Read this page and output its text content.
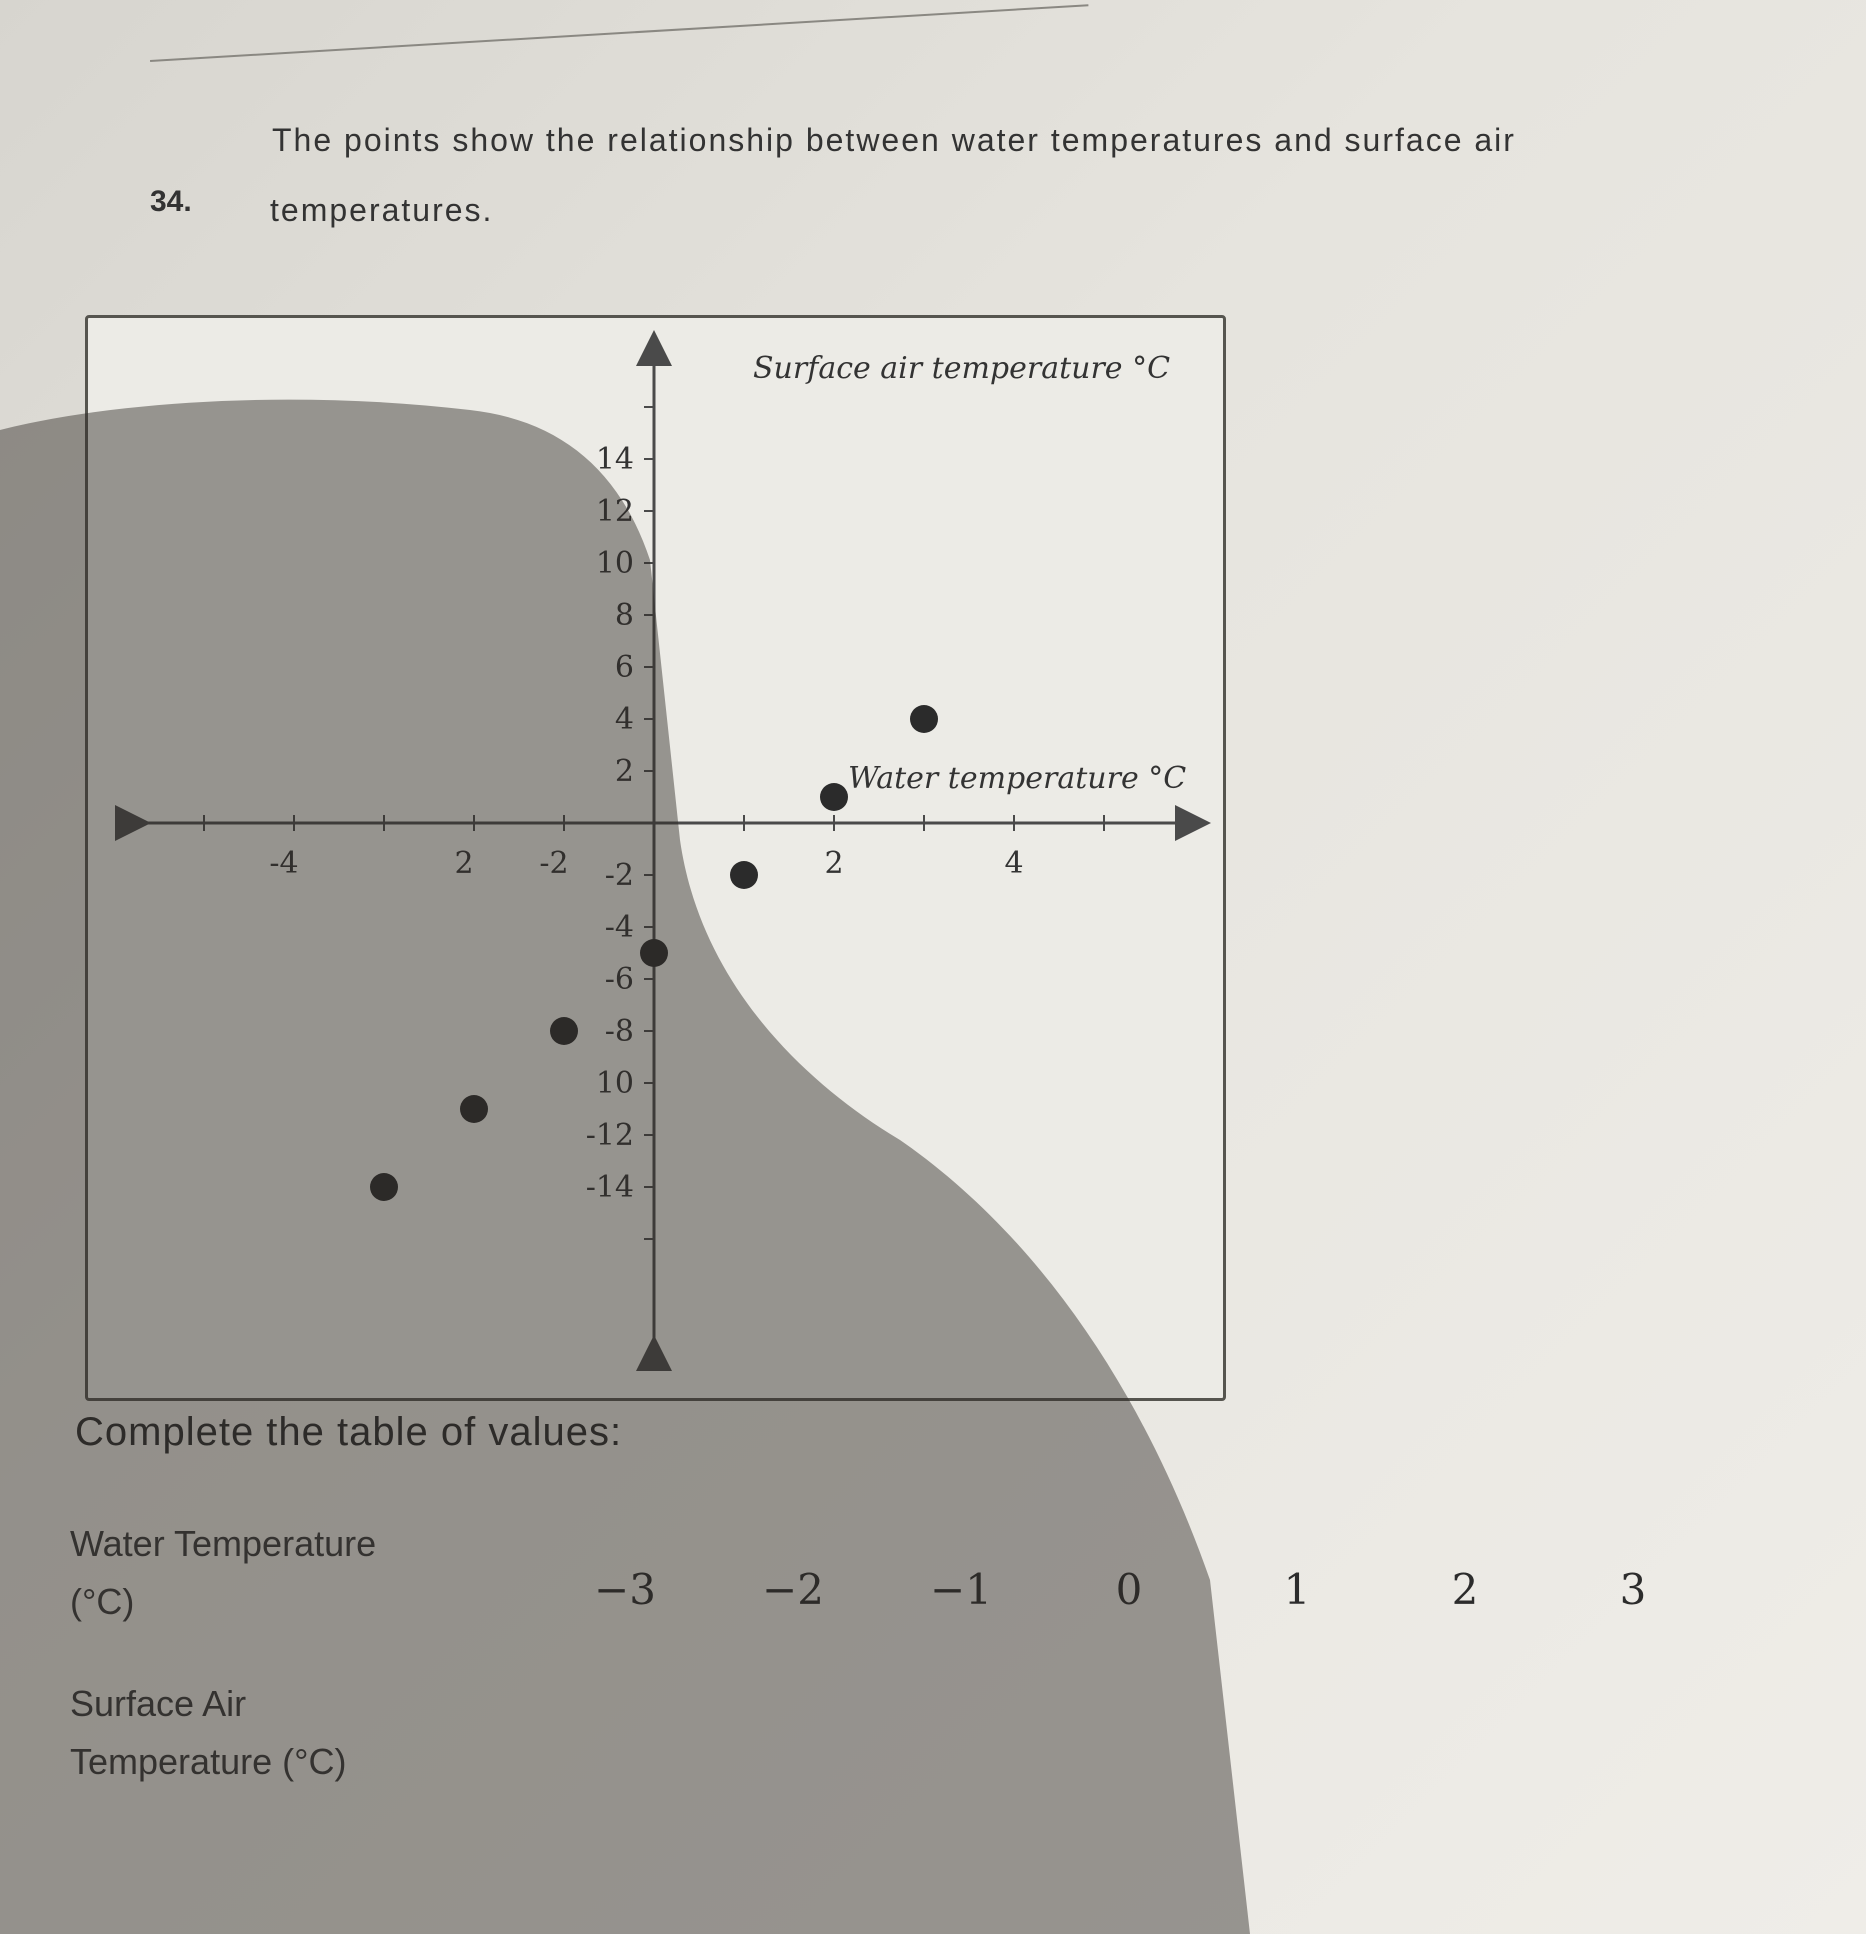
34.
The points show the relationship between water temperatures and surface air
temperatures.
-4	2 -2	2	4
14
12
10
8
6
4
2
-2
-4
-6
-8
10
-12
-14
Surface air temperature °C
Water temperature °C
Complete the table of values:
Water Temperature
(°C)	−3	−2	−1	0	1	2	3
Surface Air
Temperature (°C)
